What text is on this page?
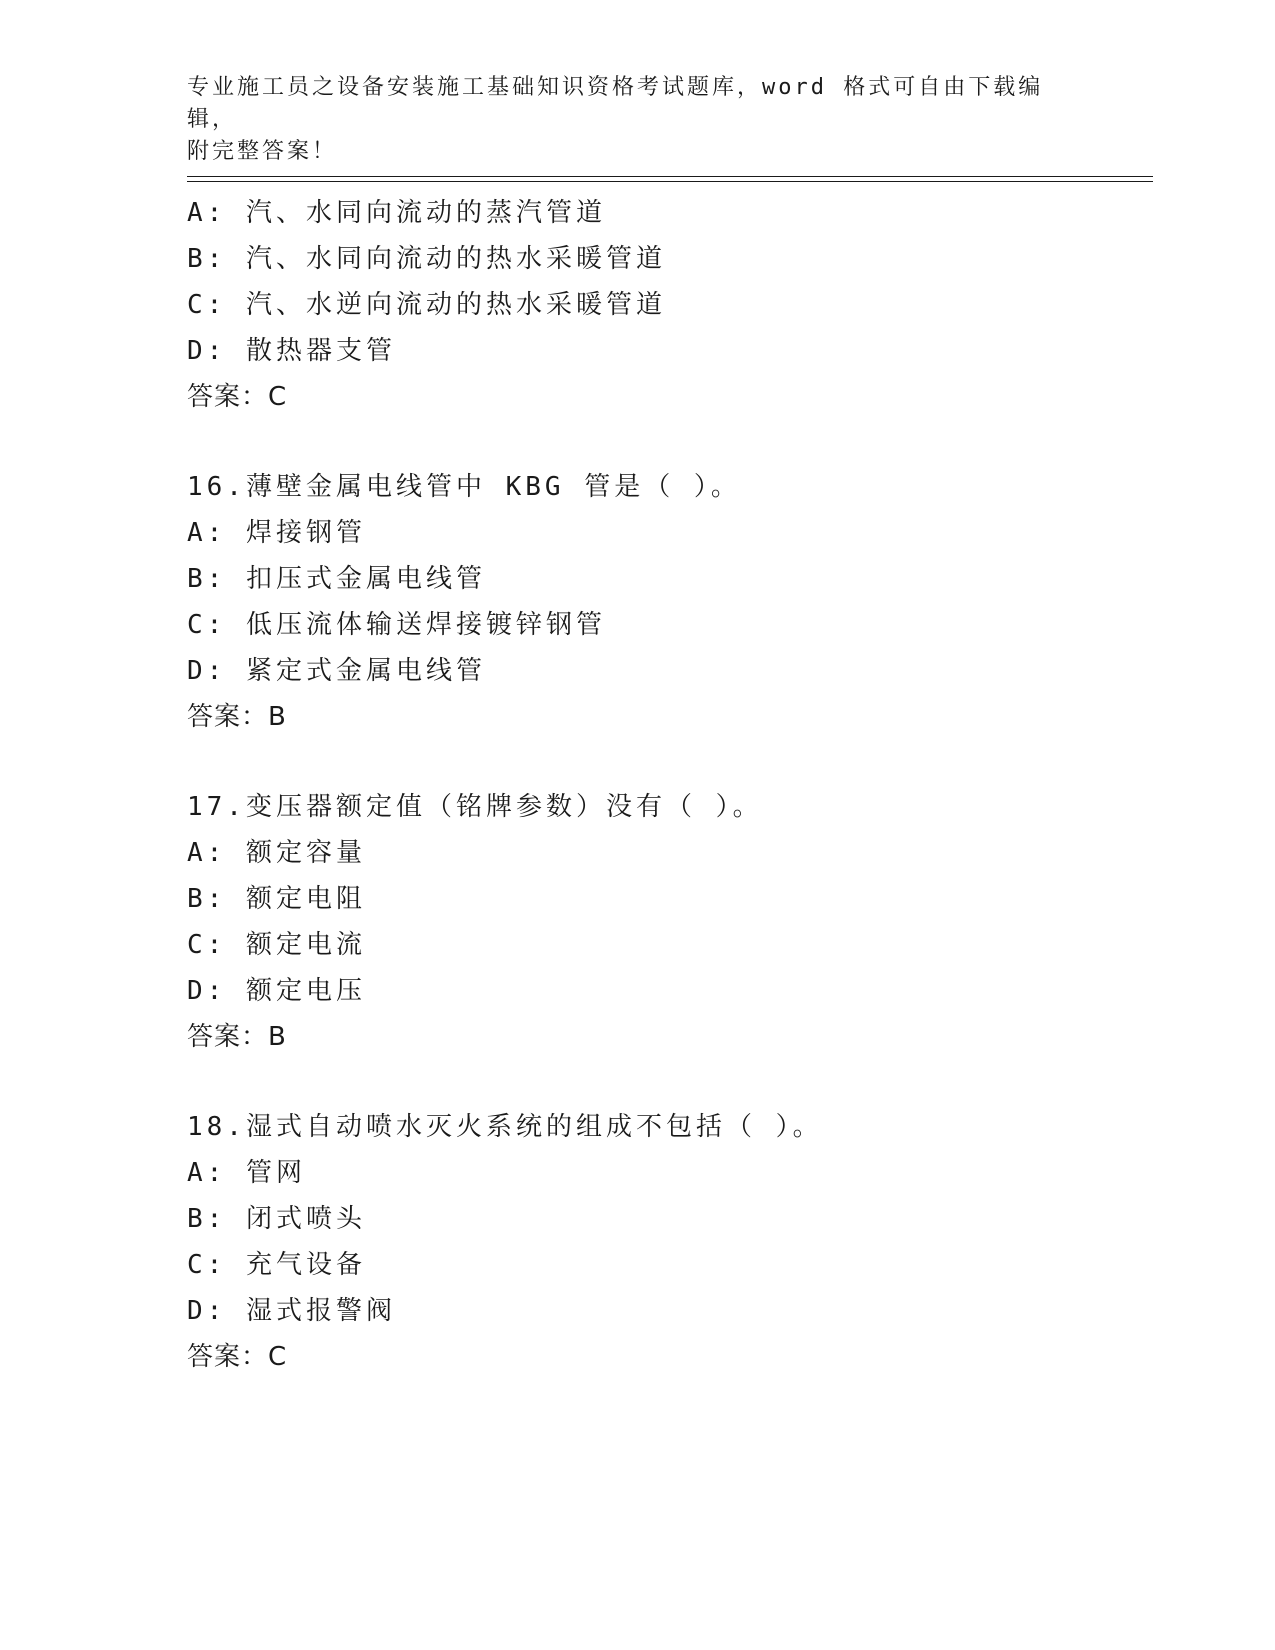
专业施工员之设备安装施工基础知识资格考试题库，word 格式可自由下载编辑，
附完整答案！
A: 汽、水同向流动的蒸汽管道
B: 汽、水同向流动的热水采暖管道
C: 汽、水逆向流动的热水采暖管道
D: 散热器支管
答案：C
16.薄壁金属电线管中 KBG 管是（ ）。
A: 焊接钢管
B: 扣压式金属电线管
C: 低压流体输送焊接镀锌钢管
D: 紧定式金属电线管
答案：B
17.变压器额定值（铭牌参数）没有（ ）。
A: 额定容量
B: 额定电阻
C: 额定电流
D: 额定电压
答案：B
18.湿式自动喷水灭火系统的组成不包括（ ）。
A: 管网
B: 闭式喷头
C: 充气设备
D: 湿式报警阀
答案：C
